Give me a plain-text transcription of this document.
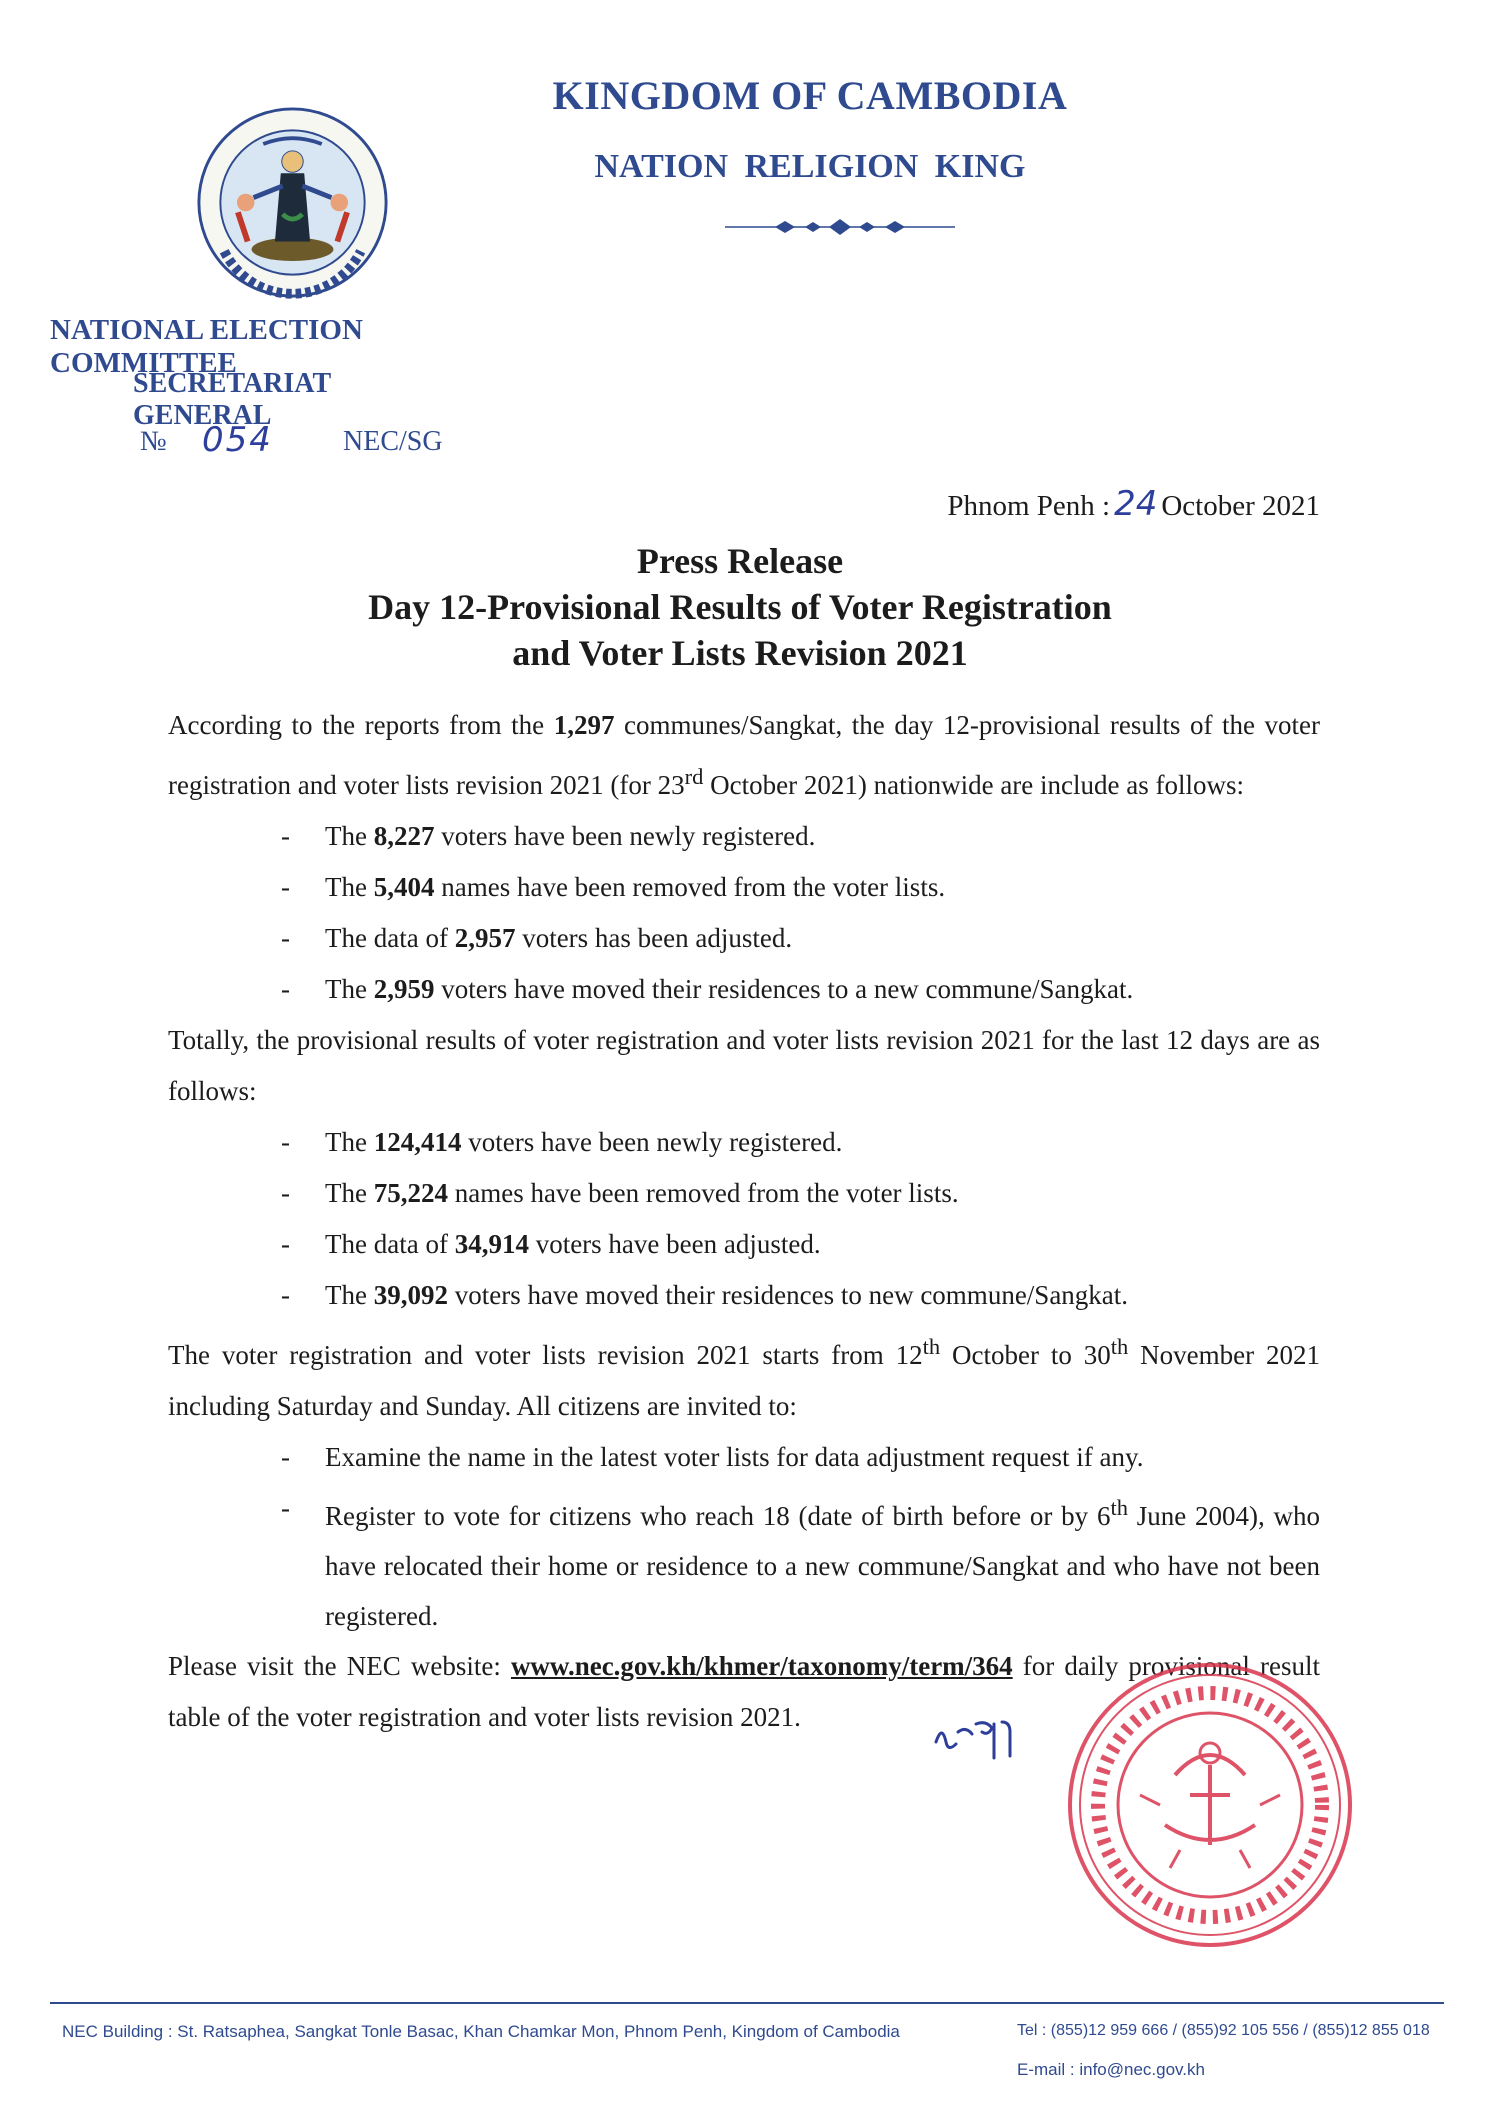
KINGDOM OF CAMBODIA
NATION RELIGION KING
NATIONAL ELECTION COMMITTEE
SECRETARIAT GENERAL
№ 054	NEC/SG
Phnom Penh : 24 October 2021
Press Release
Day 12-Provisional Results of Voter Registration
and Voter Lists Revision 2021

According to the reports from the 1,297 communes/Sangkat, the day 12-provisional results of the voter registration and voter lists revision 2021 (for 23rd October 2021) nationwide are include as follows:

- The 8,227 voters have been newly registered.
- The 5,404 names have been removed from the voter lists.
- The data of 2,957 voters has been adjusted.
- The 2,959 voters have moved their residences to a new commune/Sangkat.

Totally, the provisional results of voter registration and voter lists revision 2021 for the last 12 days are as follows:

- The 124,414 voters have been newly registered.
- The 75,224 names have been removed from the voter lists.
- The data of 34,914 voters have been adjusted.
- The 39,092 voters have moved their residences to new commune/Sangkat.

The voter registration and voter lists revision 2021 starts from 12th October to 30th November 2021 including Saturday and Sunday. All citizens are invited to:

- Examine the name in the latest voter lists for data adjustment request if any.
- Register to vote for citizens who reach 18 (date of birth before or by 6th June 2004), who have relocated their home or residence to a new commune/Sangkat and who have not been registered.

Please visit the NEC website: www.nec.gov.kh/khmer/taxonomy/term/364 for daily provisional result table of the voter registration and voter lists revision 2021.

NEC Building : St. Ratsaphea, Sangkat Tonle Basac, Khan Chamkar Mon, Phnom Penh, Kingdom of Cambodia	Tel : (855)12 959 666 / (855)92 105 556 / (855)12 855 018
E-mail : info@nec.gov.kh
